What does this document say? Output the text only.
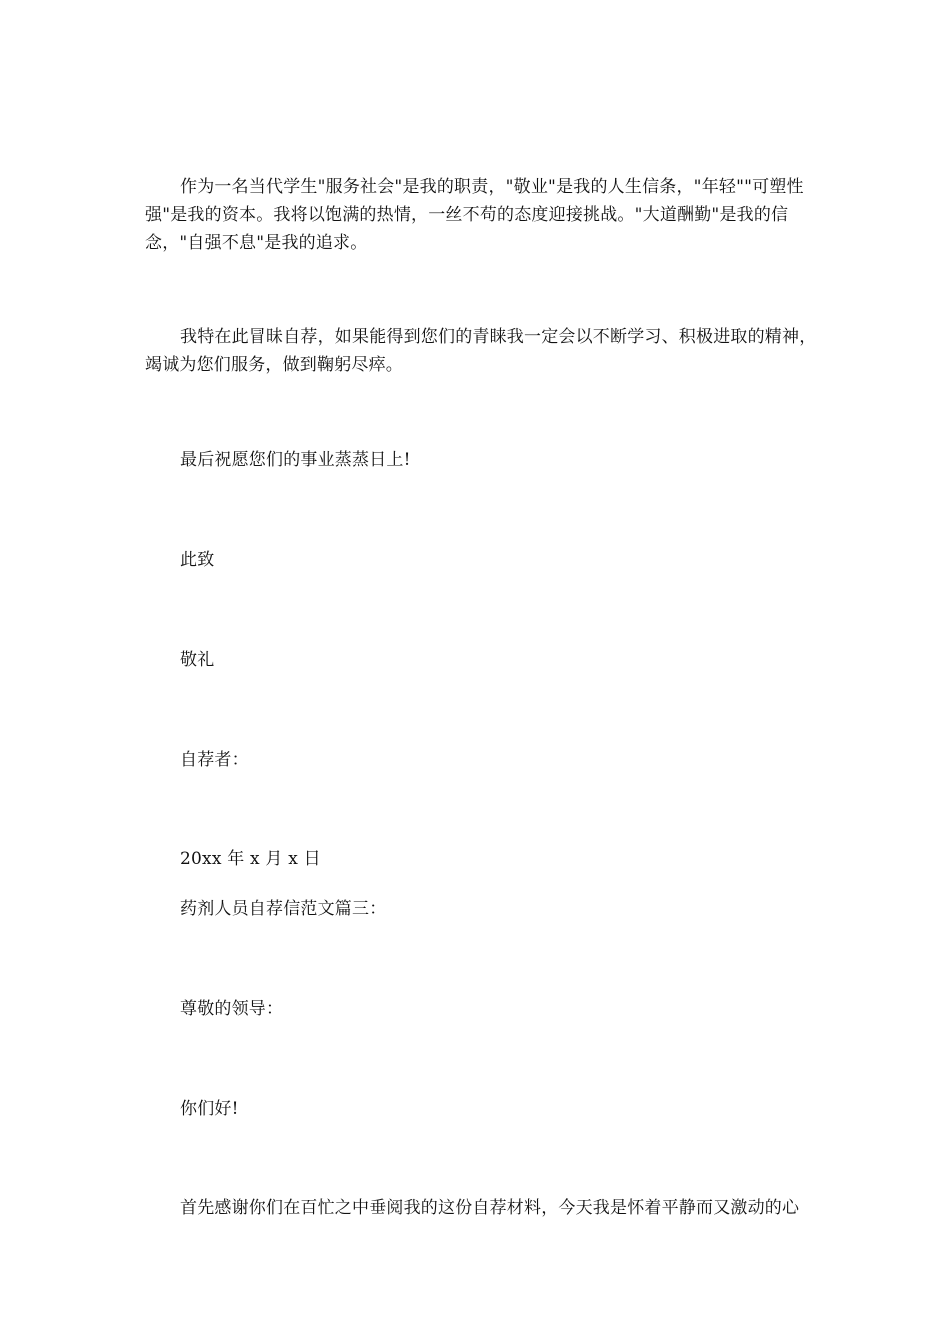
作为一名当代学生"服务社会"是我的职责，"敬业"是我的人生信条，"年轻""可塑性
强"是我的资本。我将以饱满的热情，一丝不苟的态度迎接挑战。"大道酬勤"是我的信
念，"自强不息"是我的追求。
我特在此冒昧自荐，如果能得到您们的青睐我一定会以不断学习、积极进取的精神，
竭诚为您们服务，做到鞠躬尽瘁。
最后祝愿您们的事业蒸蒸日上!
此致
敬礼
自荐者：
20xx 年 x 月 x 日
药剂人员自荐信范文篇三：
尊敬的领导：
你们好!
首先感谢你们在百忙之中垂阅我的这份自荐材料，今天我是怀着平静而又激动的心
